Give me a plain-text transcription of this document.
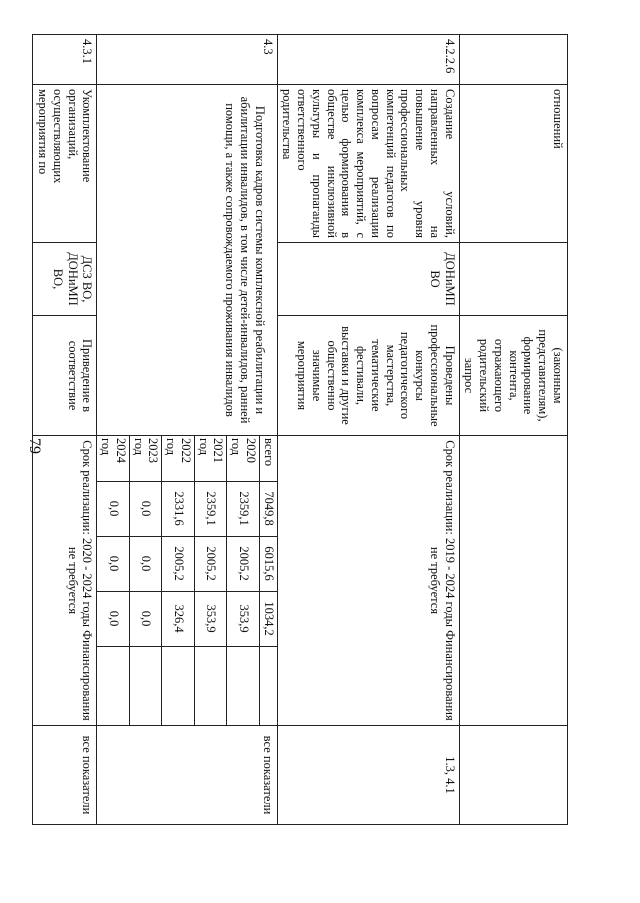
79
	отношений		(законным представителям), формирование контента, отражающего родительский запрос		
4.2.2.6	Создание условий, направленных на повышение уровня профессиональных компетенций педагогов по вопросам реализации комплекса мероприятий, с целью формирования в обществе инклюзивной культуры и пропаганды ответственного родительства	ДОНиМП ВО	Проведены профессиональные конкурсы педагогического мастерства, тематические фестивали, выставки и другие общественно значимые мероприятия	Срок реализации: 2019 - 2024 годы Финансирования не требуется	1.3, 4.1
4.3	Подготовка кадров системы комплексной реабилитации и абилитации инвалидов, в том числе детей-инвалидов, ранней помощи, а также сопровождаемого проживания инвалидов	
всего	7049,8	6015,6	1034,2	
2020 год	2359,1	2005,2	353,9	
2021 год	2359,1	2005,2	353,9	
2022 год	2331,6	2005,2	326,4	
2023 год	0,0	0,0	0,0	
2024 год	0,0	0,0	0,0	
	все показатели
4.3.1	Укомплектование организаций, осуществляющих мероприятия по	ДСЗ ВО, ДОНиМП ВО,	Приведение в соответствие	Срок реализации: 2020 - 2024 годы Финансирования не требуется	все показатели
